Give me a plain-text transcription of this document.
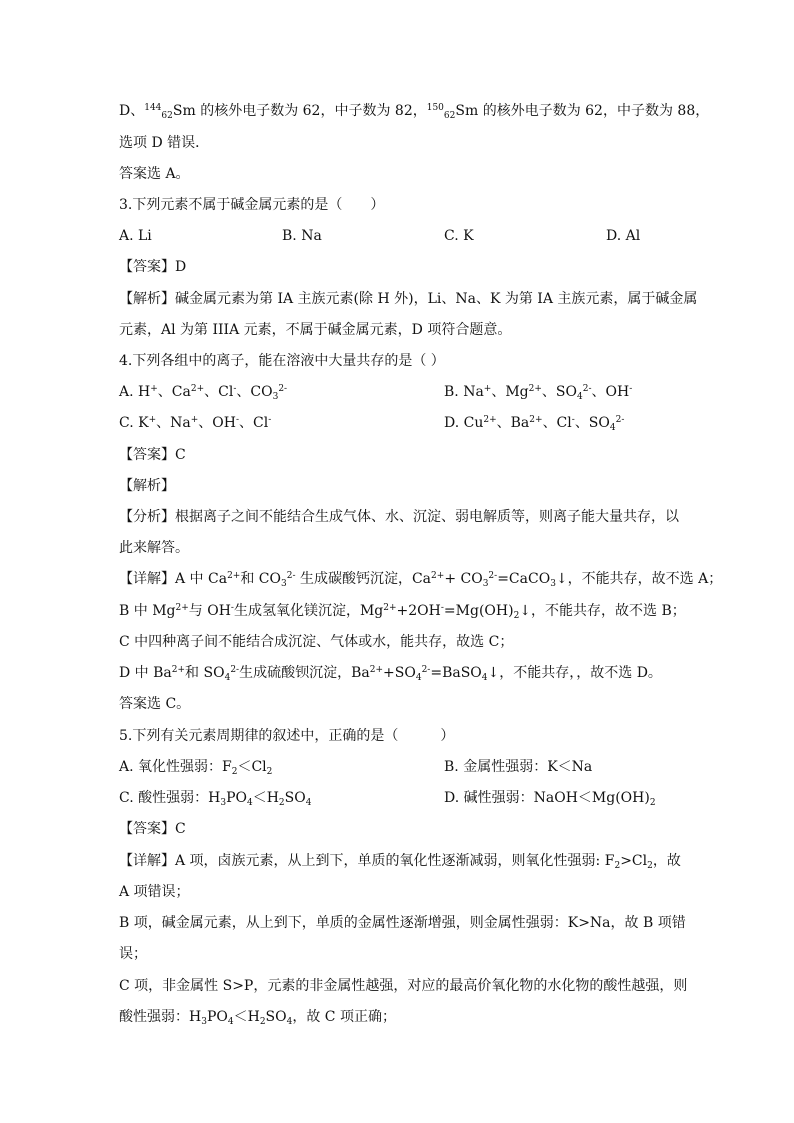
D、$^{144}_{62}$Sm 的核外电子数为 62，中子数为 82，$^{150}_{62}$Sm 的核外电子数为 62，中子数为 88，
选项 D 错误．
答案选 A。
3.下列元素不属于碱金属元素的是（　　）
A. Li	B. Na	C. K	D. Al
【答案】D
【解析】碱金属元素为第 IA 主族元素(除 H 外)，Li、Na、K 为第 IA 主族元素，属于碱金属
元素，Al 为第 IIIA 元素，不属于碱金属元素，D 项符合题意。
4.下列各组中的离子，能在溶液中大量共存的是（ ）
A. H+、$Ca^{2+}$、Cl-、$CO_3^{2-}$	B. Na+、$Mg^{2+}$、$SO_4^{2-}$、OH-
C. K+、Na+、OH-、Cl-	D. $Cu^{2+}$、$Ba^{2+}$、Cl-、$SO_4^{2-}$
【答案】C
【解析】
【分析】根据离子之间不能结合生成气体、水、沉淀、弱电解质等，则离子能大量共存，以
此来解答。
【详解】A 中 $Ca^{2+}$和 $CO_3^{2-}$ 生成碳酸钙沉淀，$Ca^{2+}+$ $CO_3^{2-}=CaCO_3↓$，不能共存，故不选 A；
B 中 $Mg^{2+}$与 OH-生成氢氧化镁沉淀，$Mg^{2+}+2OH^-=Mg(OH)_2↓$，不能共存，故不选 B；
C 中四种离子间不能结合成沉淀、气体或水，能共存，故选 C；
D 中 $Ba^{2+}$和 $SO_4^{2-}$生成硫酸钡沉淀，$Ba^{2+}+SO_4^{2-}=BaSO_4↓$，不能共存，，故不选 D。
答案选 C。
5.下列有关元素周期律的叙述中，正确的是（　　　）
A. 氧化性强弱：$F_2<Cl_2$	B. 金属性强弱：K＜Na
C. 酸性强弱：$H_3PO_4<H_2SO_4$	D. 碱性强弱：$NaOH<Mg(OH)_2$
【答案】C
【详解】A 项，卤族元素，从上到下，单质的氧化性逐渐减弱，则氧化性强弱: $F_2>Cl_2$，故
A 项错误；
B 项，碱金属元素，从上到下，单质的金属性逐渐增强，则金属性强弱：K>Na，故 B 项错
误；
C 项，非金属性 S>P，元素的非金属性越强，对应的最高价氧化物的水化物的酸性越强，则
酸性强弱：$H_3PO_4<H_2SO_4$，故 C 项正确；
